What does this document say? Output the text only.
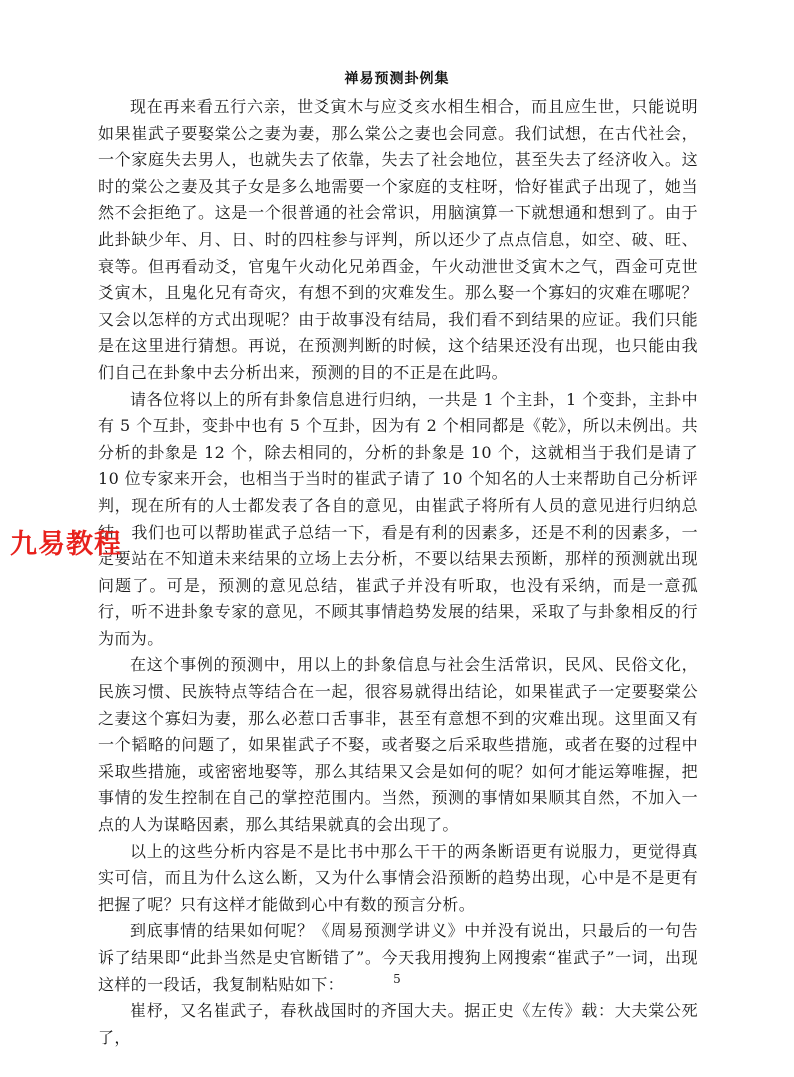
禅易预测卦例集

现在再来看五行六亲，世爻寅木与应爻亥水相生相合，而且应生世，只能说明如果崔武子要娶棠公之妻为妻，那么棠公之妻也会同意。我们试想，在古代社会，一个家庭失去男人，也就失去了依靠，失去了社会地位，甚至失去了经济收入。这时的棠公之妻及其子女是多么地需要一个家庭的支柱呀，恰好崔武子出现了，她当然不会拒绝了。这是一个很普通的社会常识，用脑演算一下就想通和想到了。由于此卦缺少年、月、日、时的四柱参与评判，所以还少了点点信息，如空、破、旺、衰等。但再看动爻，官鬼午火动化兄弟酉金，午火动泄世爻寅木之气，酉金可克世爻寅木，且鬼化兄有奇灾，有想不到的灾难发生。那么娶一个寡妇的灾难在哪呢？又会以怎样的方式出现呢？由于故事没有结局，我们看不到结果的应证。我们只能是在这里进行猜想。再说，在预测判断的时候，这个结果还没有出现，也只能由我们自己在卦象中去分析出来，预测的目的不正是在此吗。

请各位将以上的所有卦象信息进行归纳，一共是 1 个主卦，1 个变卦，主卦中有 5 个互卦，变卦中也有 5 个互卦，因为有 2 个相同都是《乾》，所以未例出。共分析的卦象是 12 个，除去相同的，分析的卦象是 10 个，这就相当于我们是请了 10 位专家来开会，也相当于当时的崔武子请了 10 个知名的人士来帮助自己分析评判，现在所有的人士都发表了各自的意见，由崔武子将所有人员的意见进行归纳总结，我们也可以帮助崔武子总结一下，看是有利的因素多，还是不利的因素多，一定要站在不知道未来结果的立场上去分析，不要以结果去预断，那样的预测就出现问题了。可是，预测的意见总结，崔武子并没有听取，也没有采纳，而是一意孤行，听不进卦象专家的意见，不顾其事情趋势发展的结果，采取了与卦象相反的行为而为。

在这个事例的预测中，用以上的卦象信息与社会生活常识，民风、民俗文化，民族习惯、民族特点等结合在一起，很容易就得出结论，如果崔武子一定要娶棠公之妻这个寡妇为妻，那么必惹口舌事非，甚至有意想不到的灾难出现。这里面又有一个韬略的问题了，如果崔武子不娶，或者娶之后采取些措施，或者在娶的过程中采取些措施，或密密地娶等，那么其结果又会是如何的呢？如何才能运筹唯握，把事情的发生控制在自己的掌控范围内。当然，预测的事情如果顺其自然，不加入一点的人为谋略因素，那么其结果就真的会出现了。

以上的这些分析内容是不是比书中那么干干的两条断语更有说服力，更觉得真实可信，而且为什么这么断，又为什么事情会沿预断的趋势出现，心中是不是更有把握了呢？只有这样才能做到心中有数的预言分析。

到底事情的结果如何呢？《周易预测学讲义》中并没有说出，只最后的一句告诉了结果即“此卦当然是史官断错了”。今天我用搜狗上网搜索“崔武子”一词，出现这样的一段话，我复制粘贴如下：

崔杼，又名崔武子，春秋战国时的齐国大夫。据正史《左传》载：大夫棠公死了，

九易教程
5
